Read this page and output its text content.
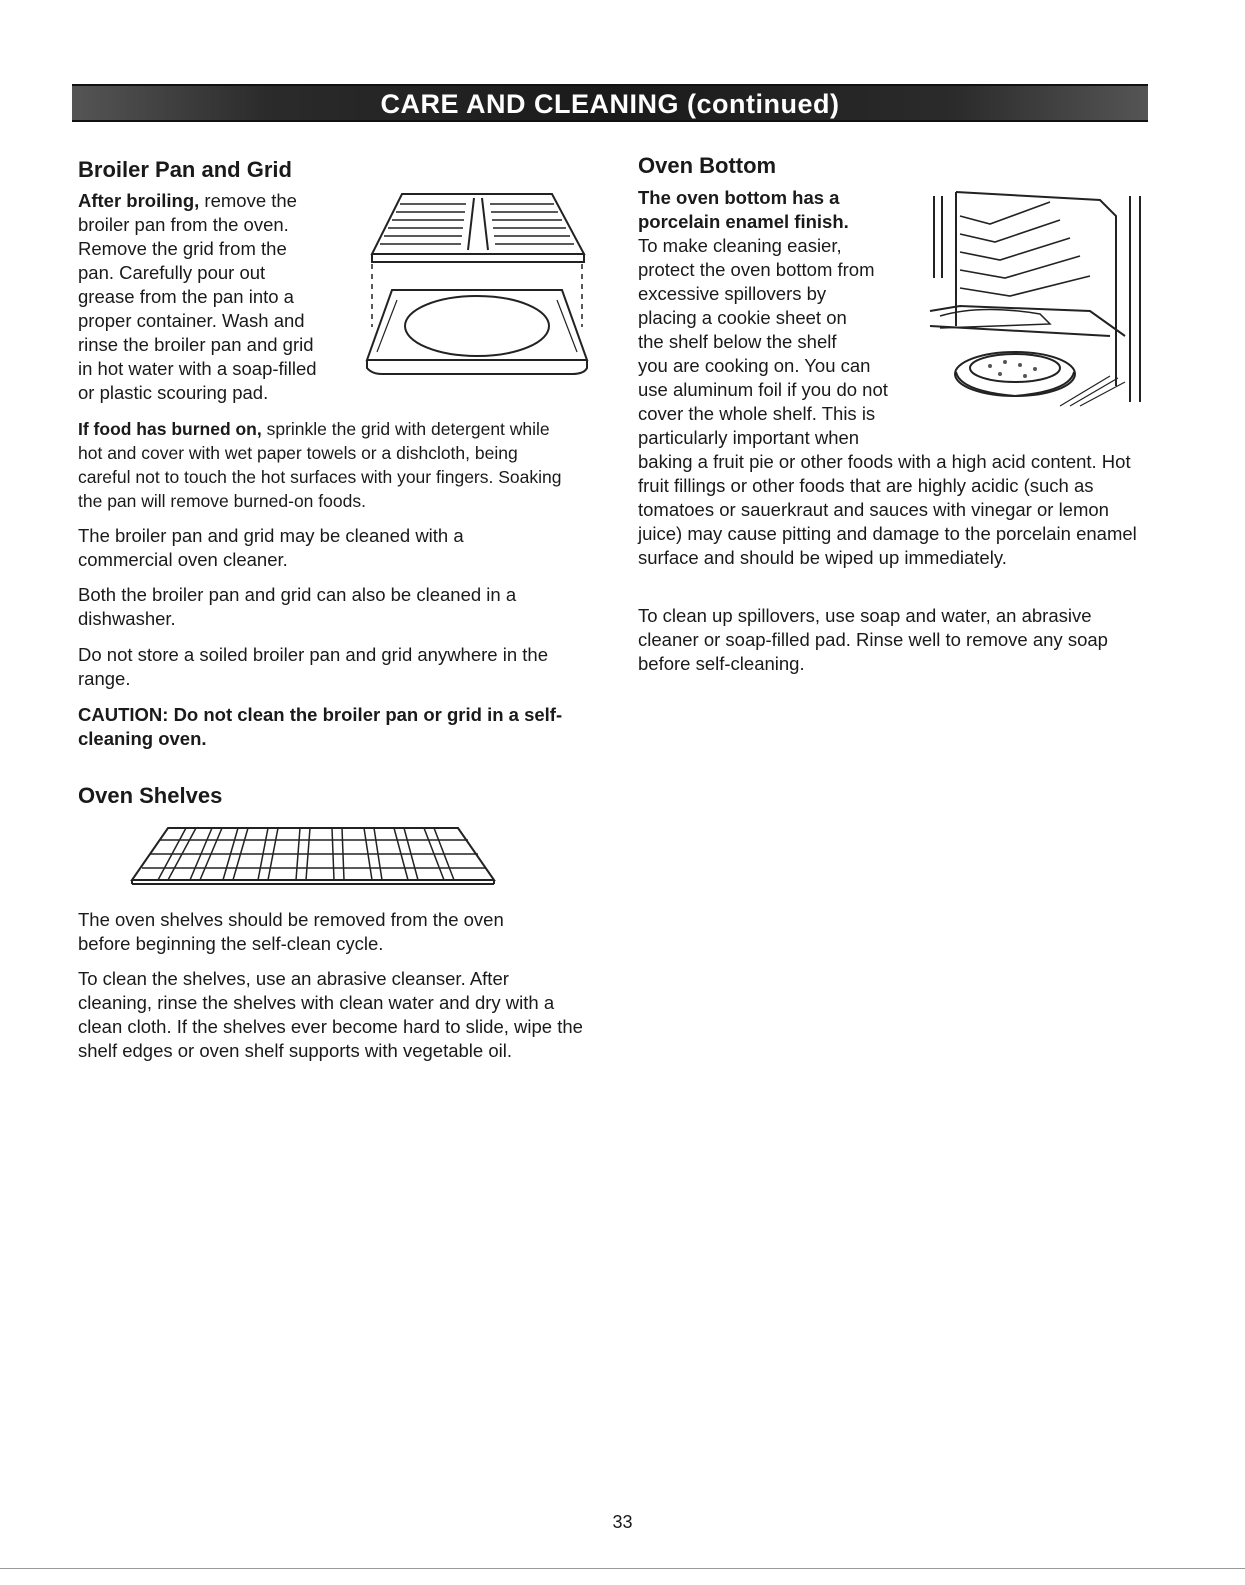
CARE AND CLEANING (continued)
Broiler Pan and Grid

After broiling, remove the

broiler pan from the oven.

Remove the grid from the

pan. Carefully pour out

grease from the pan into a

proper container. Wash and

rinse the broiler pan and grid

in hot water with a soap-filled

or plastic scouring pad.

If food has burned on, sprinkle the grid with detergent while hot and cover with wet paper towels or a dishcloth, being careful not to touch the hot surfaces with your fingers. Soaking the pan will remove burned-on foods.
The broiler pan and grid may be cleaned with a commercial oven cleaner.
Both the broiler pan and grid can also be cleaned in a dishwasher.
Do not store a soiled broiler pan and grid anywhere in the range.
CAUTION: Do not clean the broiler pan or grid in a self-cleaning oven.
Oven Shelves
The oven shelves should be removed from the oven before beginning the self-clean cycle.
To clean the shelves, use an abrasive cleanser. After cleaning, rinse the shelves with clean water and dry with a clean cloth. If the shelves ever become hard to slide, wipe the shelf edges or oven shelf supports with vegetable oil.
Oven Bottom

The oven bottom has a

porcelain enamel finish.

To make cleaning easier,

protect the oven bottom from

excessive spillovers by

placing a cookie sheet on

the shelf below the shelf

you are cooking on. You can

use aluminum foil if you do not

cover the whole shelf. This is

particularly important when

baking a fruit pie or other foods with a high acid content. Hot fruit fillings or other foods that are highly acidic (such as tomatoes or sauerkraut and sauces with vinegar or lemon juice) may cause pitting and damage to the porcelain enamel surface and should be wiped up immediately.
To clean up spillovers, use soap and water, an abrasive cleaner or soap-filled pad. Rinse well to remove any soap before self-cleaning.
33
